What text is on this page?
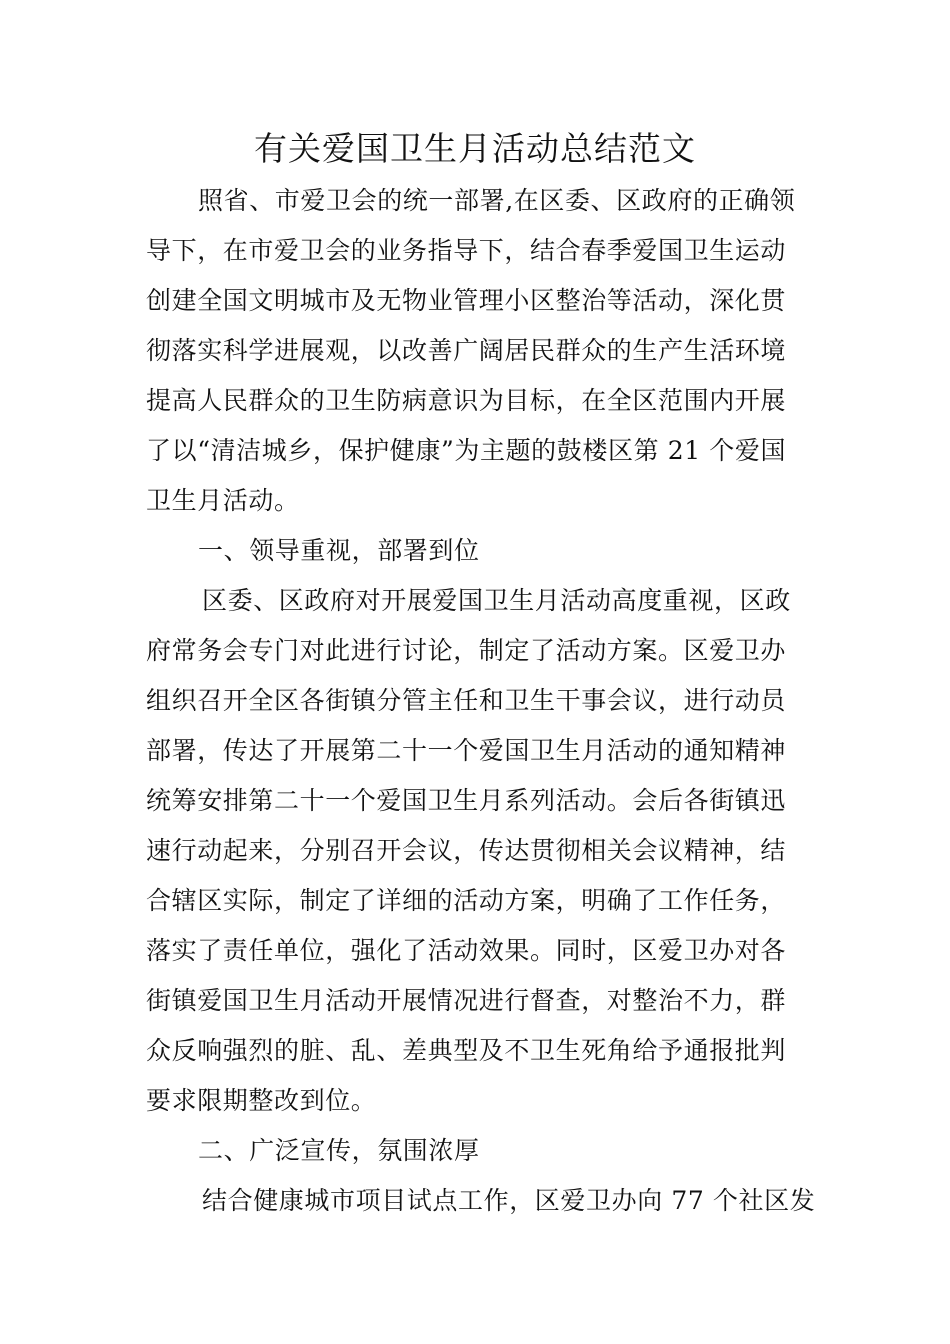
有关爱国卫生月活动总结范文
照省、市爱卫会的统一部署,在区委、区政府的正确领
导下，在市爱卫会的业务指导下，结合春季爱国卫生运动
创建全国文明城市及无物业管理小区整治等活动，深化贯
彻落实科学进展观，以改善广阔居民群众的生产生活环境
提高人民群众的卫生防病意识为目标，在全区范围内开展
了以“清洁城乡，保护健康”为主题的鼓楼区第 21 个爱国
卫生月活动。
一、领导重视，部署到位
区委、区政府对开展爱国卫生月活动高度重视，区政
府常务会专门对此进行讨论，制定了活动方案。区爱卫办
组织召开全区各街镇分管主任和卫生干事会议，进行动员
部署，传达了开展第二十一个爱国卫生月活动的通知精神
统筹安排第二十一个爱国卫生月系列活动。会后各街镇迅
速行动起来，分别召开会议，传达贯彻相关会议精神，结
合辖区实际，制定了详细的活动方案，明确了工作任务，
落实了责任单位，强化了活动效果。同时，区爱卫办对各
街镇爱国卫生月活动开展情况进行督查，对整治不力，群
众反响强烈的脏、乱、差典型及不卫生死角给予通报批判
要求限期整改到位。
二、广泛宣传，氛围浓厚
结合健康城市项目试点工作，区爱卫办向 77 个社区发
